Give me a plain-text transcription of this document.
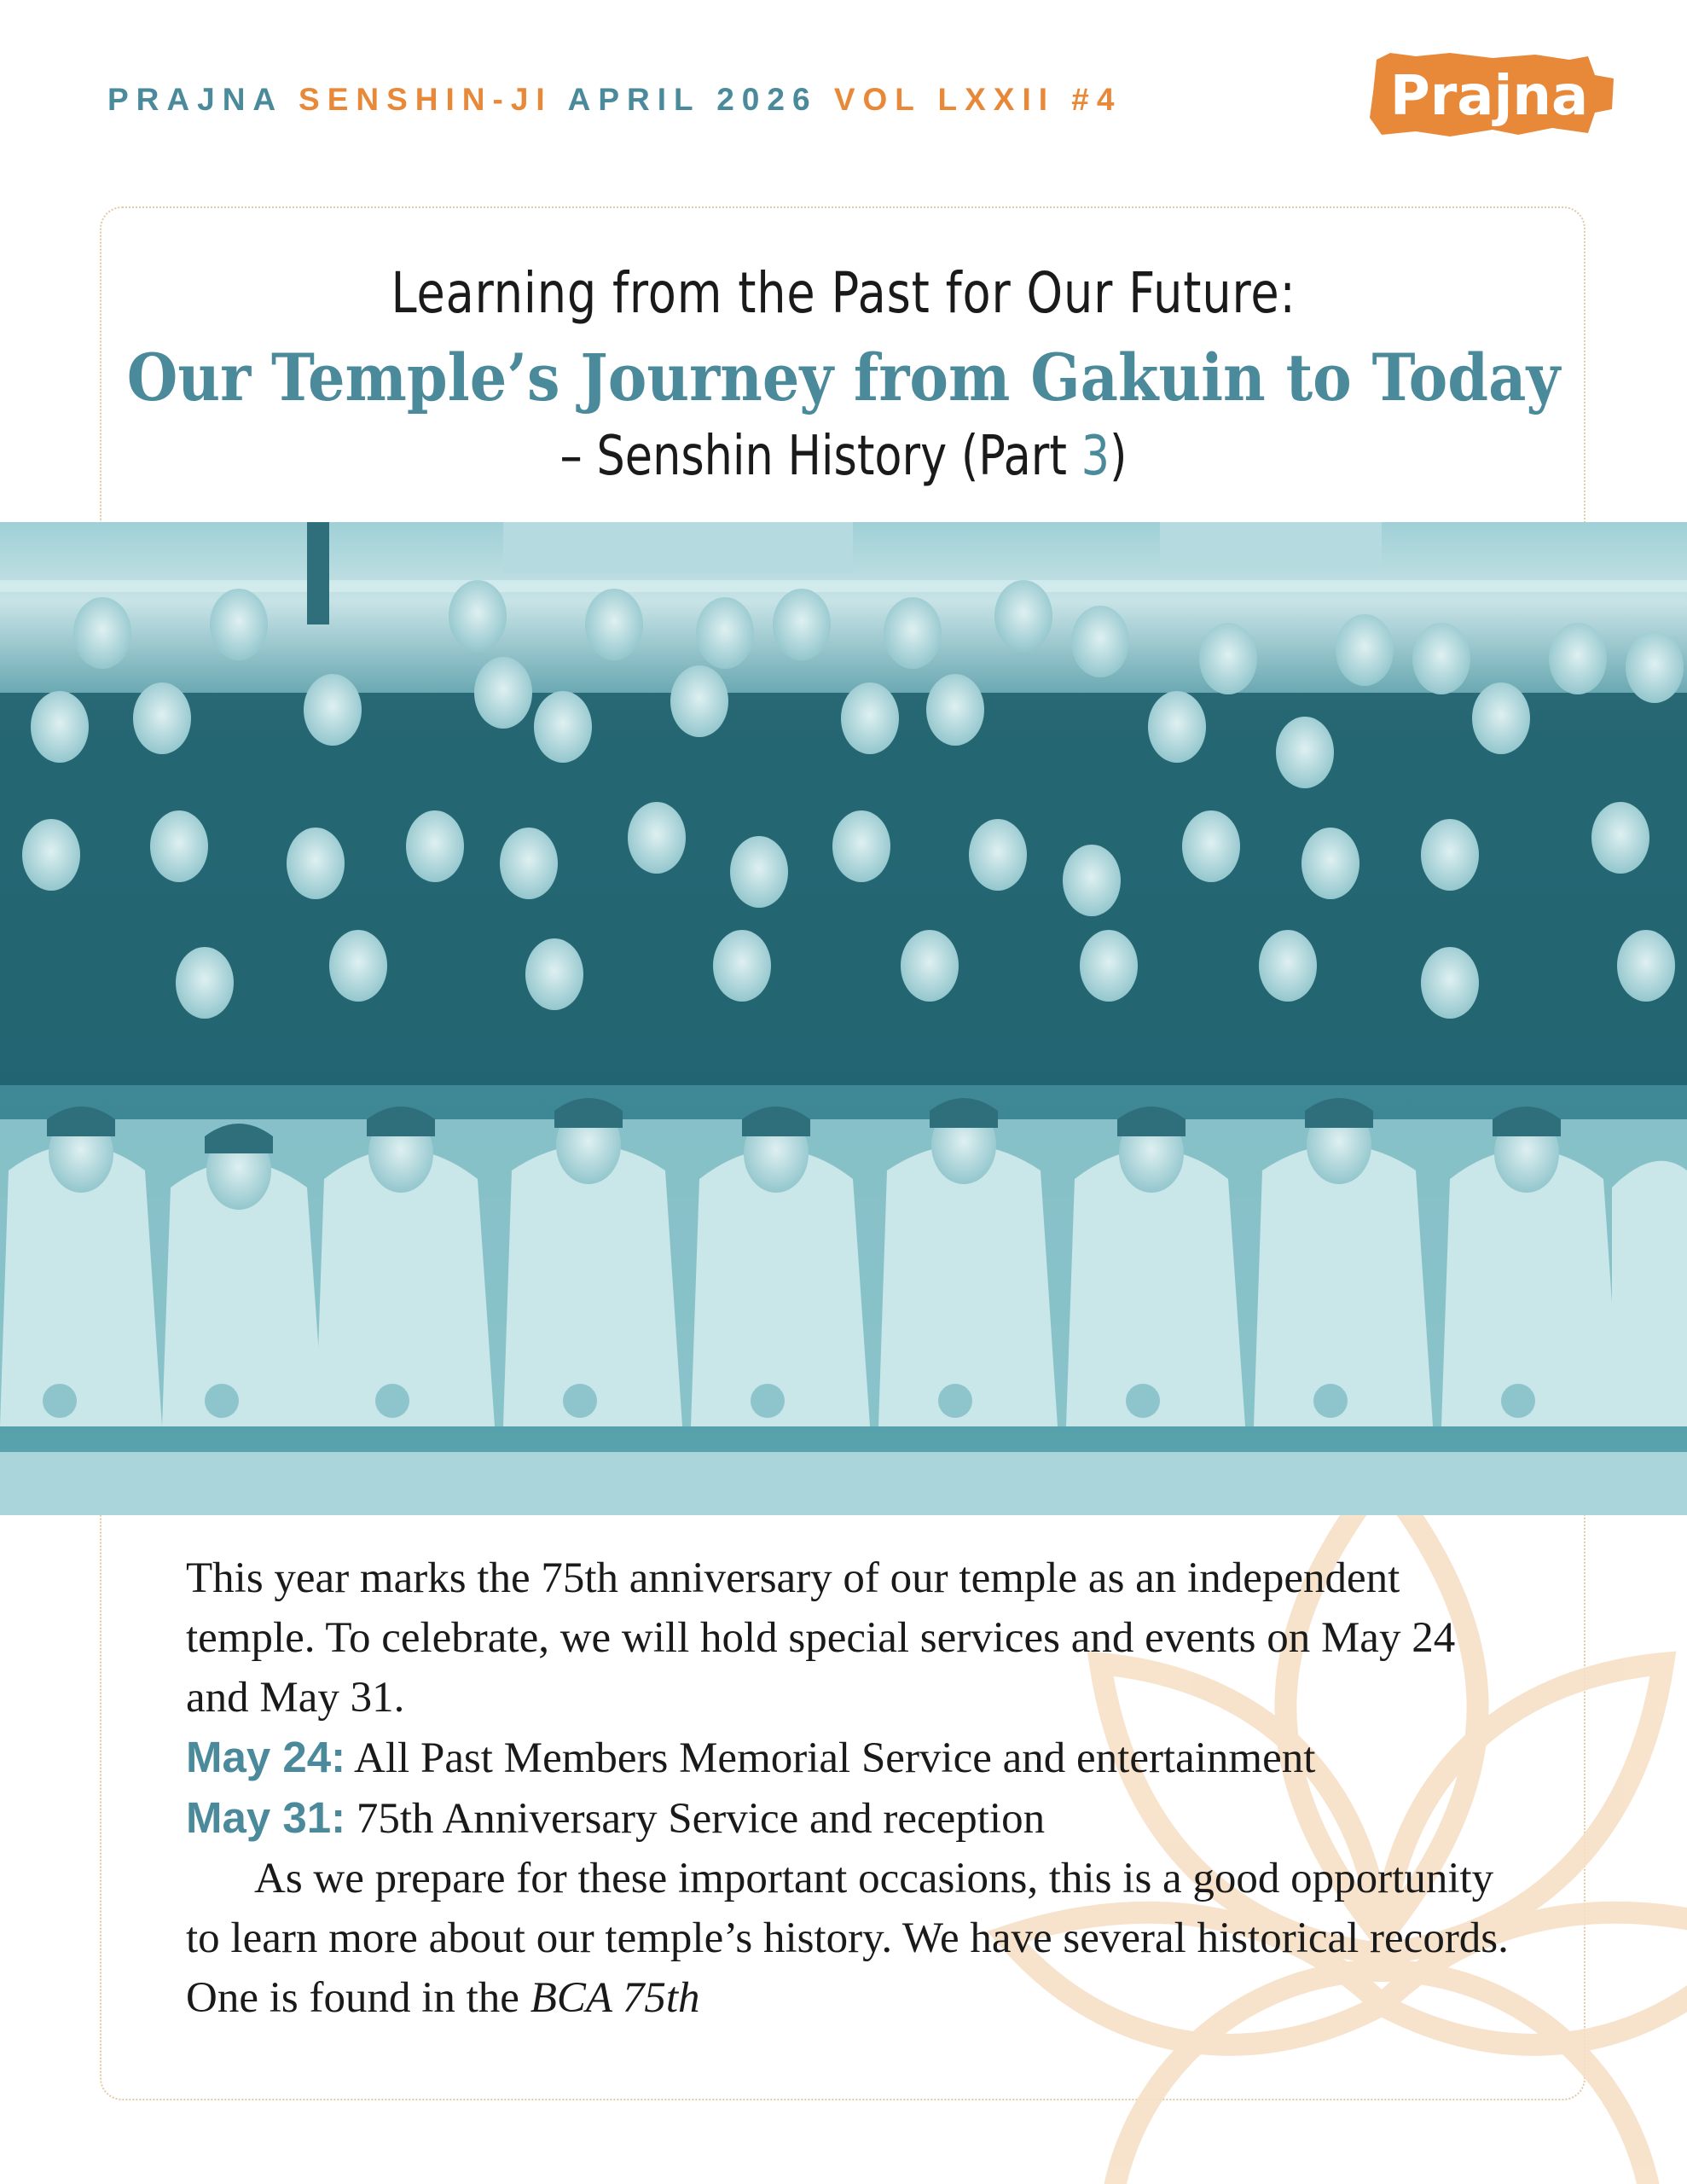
PRAJNA SENSHIN-JI APRIL 2026 VOL LXXII #4	Prajna
Learning from the Past for Our Future:
Our Temple’s Journey from Gakuin to Today
– Senshin History (Part 3)

This year marks the 75th anniversary of our temple as an independent temple. To celebrate, we will hold special services and events on May 24 and May 31.

May 24: All Past Members Memorial Service and entertainment

May 31: 75th Anniversary Service and reception

As we prepare for these important occasions, this is a good opportunity to learn more about our temple’s history. We have several historical records. One is found in the BCA 75th
